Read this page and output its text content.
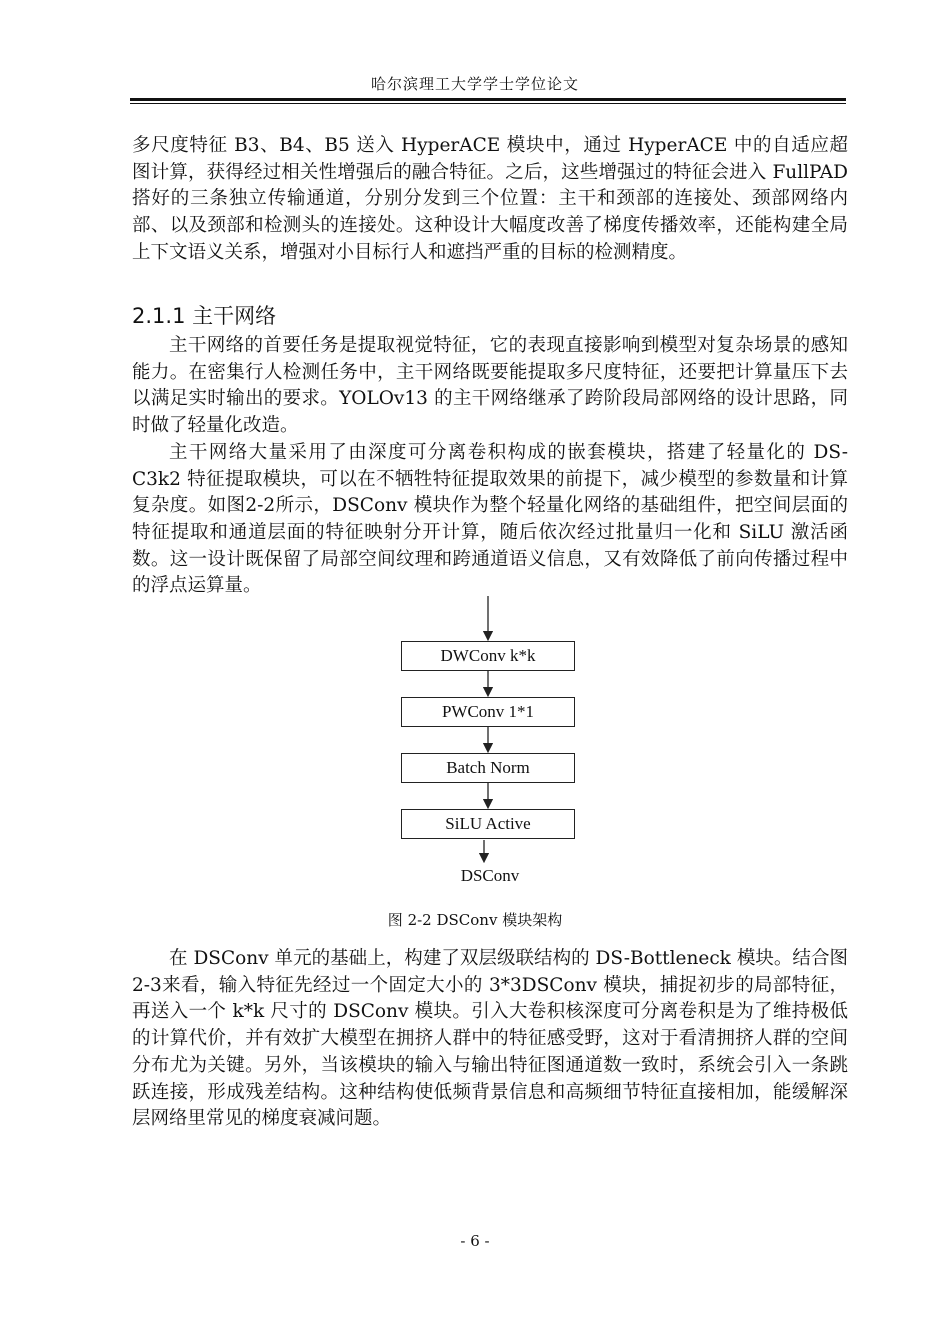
哈尔滨理工大学学士学位论文

多尺度特征 B3、B4、B5 送入 HyperACE 模块中，通过 HyperACE 中的自适应超图计算，获得经过相关性增强后的融合特征。之后，这些增强过的特征会进入 FullPAD 搭好的三条独立传输通道，分别分发到三个位置：主干和颈部的连接处、颈部网络内部、以及颈部和检测头的连接处。这种设计大幅度改善了梯度传播效率，还能构建全局上下文语义关系，增强对小目标行人和遮挡严重的目标的检测精度。

2.1.1 主干网络

主干网络的首要任务是提取视觉特征，它的表现直接影响到模型对复杂场景的感知能力。在密集行人检测任务中，主干网络既要能提取多尺度特征，还要把计算量压下去以满足实时输出的要求。YOLOv13 的主干网络继承了跨阶段局部网络的设计思路，同时做了轻量化改造。

主干网络大量采用了由深度可分离卷积构成的嵌套模块，搭建了轻量化的 DS-C3k2 特征提取模块，可以在不牺牲特征提取效果的前提下，减少模型的参数量和计算复杂度。如图2-2所示，DSConv 模块作为整个轻量化网络的基础组件，把空间层面的特征提取和通道层面的特征映射分开计算，随后依次经过批量归一化和 SiLU 激活函数。这一设计既保留了局部空间纹理和跨通道语义信息，又有效降低了前向传播过程中的浮点运算量。

DWConv k*k
PWConv 1*1
Batch Norm
SiLU Active
DSConv
图 2-2 DSConv 模块架构

在 DSConv 单元的基础上，构建了双层级联结构的 DS-Bottleneck 模块。结合图2-3来看，输入特征先经过一个固定大小的 3*3DSConv 模块，捕捉初步的局部特征，再送入一个 k*k 尺寸的 DSConv 模块。引入大卷积核深度可分离卷积是为了维持极低的计算代价，并有效扩大模型在拥挤人群中的特征感受野，这对于看清拥挤人群的空间分布尤为关键。另外，当该模块的输入与输出特征图通道数一致时，系统会引入一条跳跃连接，形成残差结构。这种结构使低频背景信息和高频细节特征直接相加，能缓解深层网络里常见的梯度衰减问题。

- 6 -
